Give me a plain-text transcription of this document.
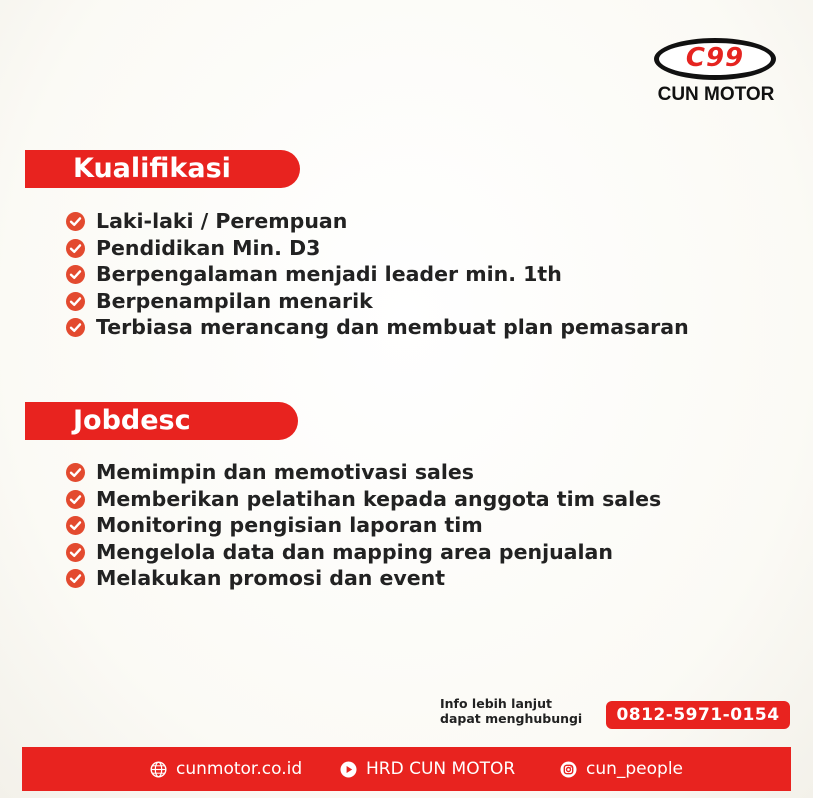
C99
CUN MOTOR
Kualifikasi
Laki-laki / Perempuan
Pendidikan Min. D3
Berpengalaman menjadi leader min. 1th
Berpenampilan menarik
Terbiasa merancang dan membuat plan pemasaran
Jobdesc
Memimpin dan memotivasi sales
Memberikan pelatihan kepada anggota tim sales
Monitoring pengisian laporan tim
Mengelola data dan mapping area penjualan
Melakukan promosi dan event
Info lebih lanjut
dapat menghubungi	0812-5971-0154
cunmotor.co.id	HRD CUN MOTOR	cun_people
